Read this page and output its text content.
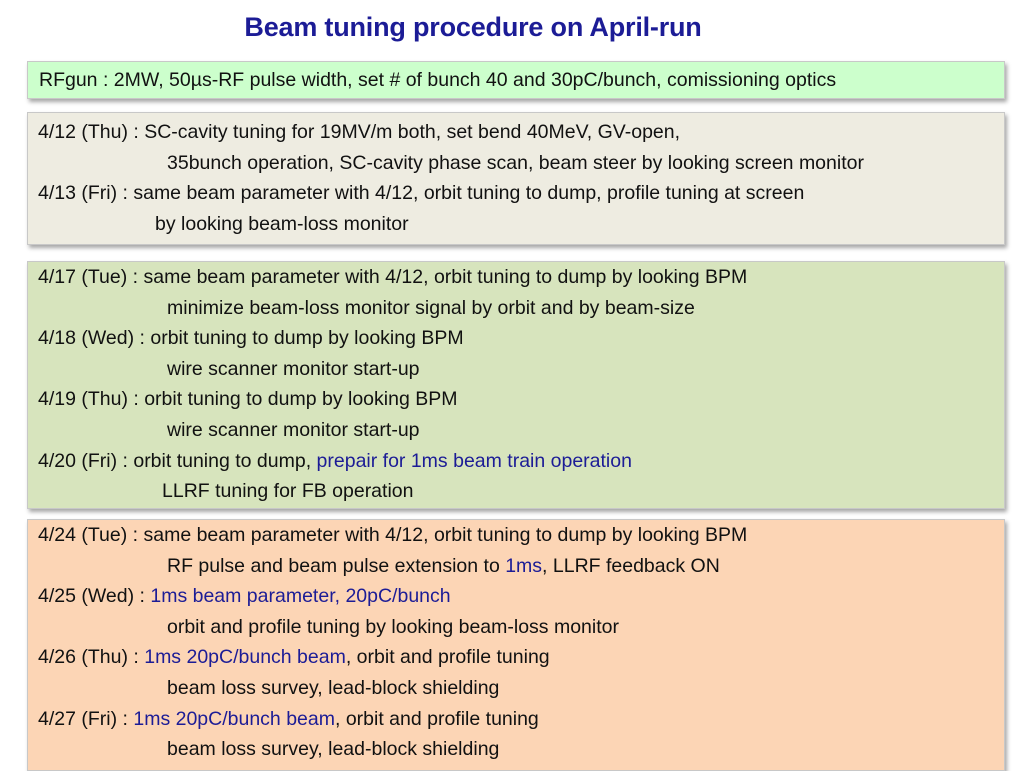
Beam tuning procedure on April-run
RFgun : 2MW, 50µs-RF pulse width, set # of bunch 40 and 30pC/bunch, comissioning optics
4/12 (Thu) : SC-cavity tuning for 19MV/m both, set bend 40MeV, GV-open,
35bunch operation, SC-cavity phase scan, beam steer by looking screen monitor
4/13 (Fri) : same beam parameter with 4/12, orbit tuning to dump, profile tuning at screen
by looking beam-loss monitor
4/17 (Tue) : same beam parameter with 4/12, orbit tuning to dump by looking BPM
minimize beam-loss monitor signal by orbit and by beam-size
4/18 (Wed) : orbit tuning to dump by looking BPM
wire scanner monitor start-up
4/19 (Thu) : orbit tuning to dump by looking BPM
wire scanner monitor start-up
4/20 (Fri) : orbit tuning to dump, prepair for 1ms beam train operation
LLRF tuning for FB operation
4/24 (Tue) : same beam parameter with 4/12, orbit tuning to dump by looking BPM
RF pulse and beam pulse extension to 1ms, LLRF feedback ON
4/25 (Wed) : 1ms beam parameter, 20pC/bunch
orbit and profile tuning by looking beam-loss monitor
4/26 (Thu) : 1ms 20pC/bunch beam, orbit and profile tuning
beam loss survey, lead-block shielding
4/27 (Fri) : 1ms 20pC/bunch beam, orbit and profile tuning
beam loss survey, lead-block shielding
